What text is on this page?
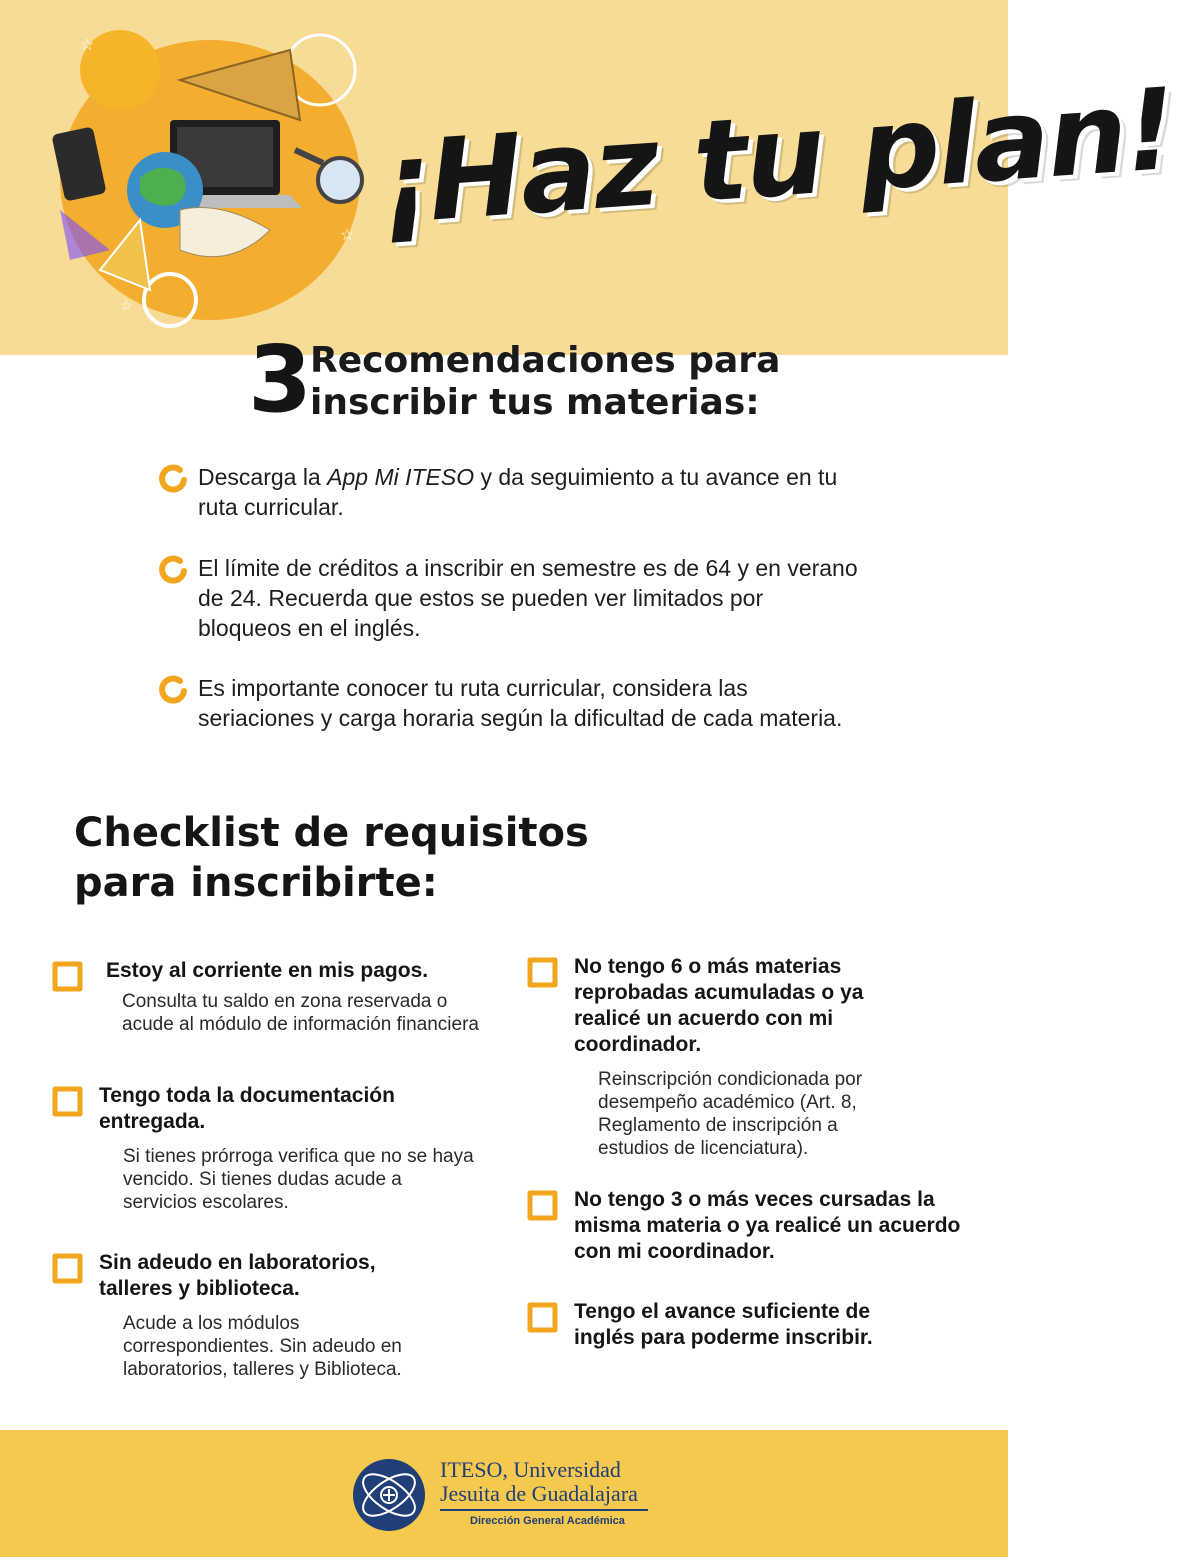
☆
☆
☆
¡Haz tu plan!
3
Recomendaciones para
inscribir tus materias:
Descarga la App Mi ITESO y da seguimiento a tu avance en tu ruta curricular.
El límite de créditos a inscribir en semestre es de 64 y en verano de 24. Recuerda que estos se pueden ver limitados por bloqueos en el inglés.
Es importante conocer tu ruta curricular, considera las seriaciones y carga horaria según la dificultad de cada materia.
Checklist de requisitos
para inscribirte:
Estoy al corriente en mis pagos.
Consulta tu saldo en zona reservada o acude al módulo de información financiera
Tengo toda la documentación entregada.
Si tienes prórroga verifica que no se haya vencido. Si tienes dudas acude a servicios escolares.
Sin adeudo en laboratorios, talleres y biblioteca.
Acude a los módulos correspondientes. Sin adeudo en laboratorios, talleres y Biblioteca.
No tengo 6 o más materias reprobadas acumuladas o ya realicé un acuerdo con mi coordinador.
Reinscripción condicionada por desempeño académico (Art. 8, Reglamento de inscripción a estudios de licenciatura).
No tengo 3 o más veces cursadas la misma materia o ya realicé un acuerdo con mi coordinador.
Tengo el avance suficiente de inglés para poderme inscribir.
ITESO, Universidad
Jesuita de Guadalajara
Dirección General Académica
